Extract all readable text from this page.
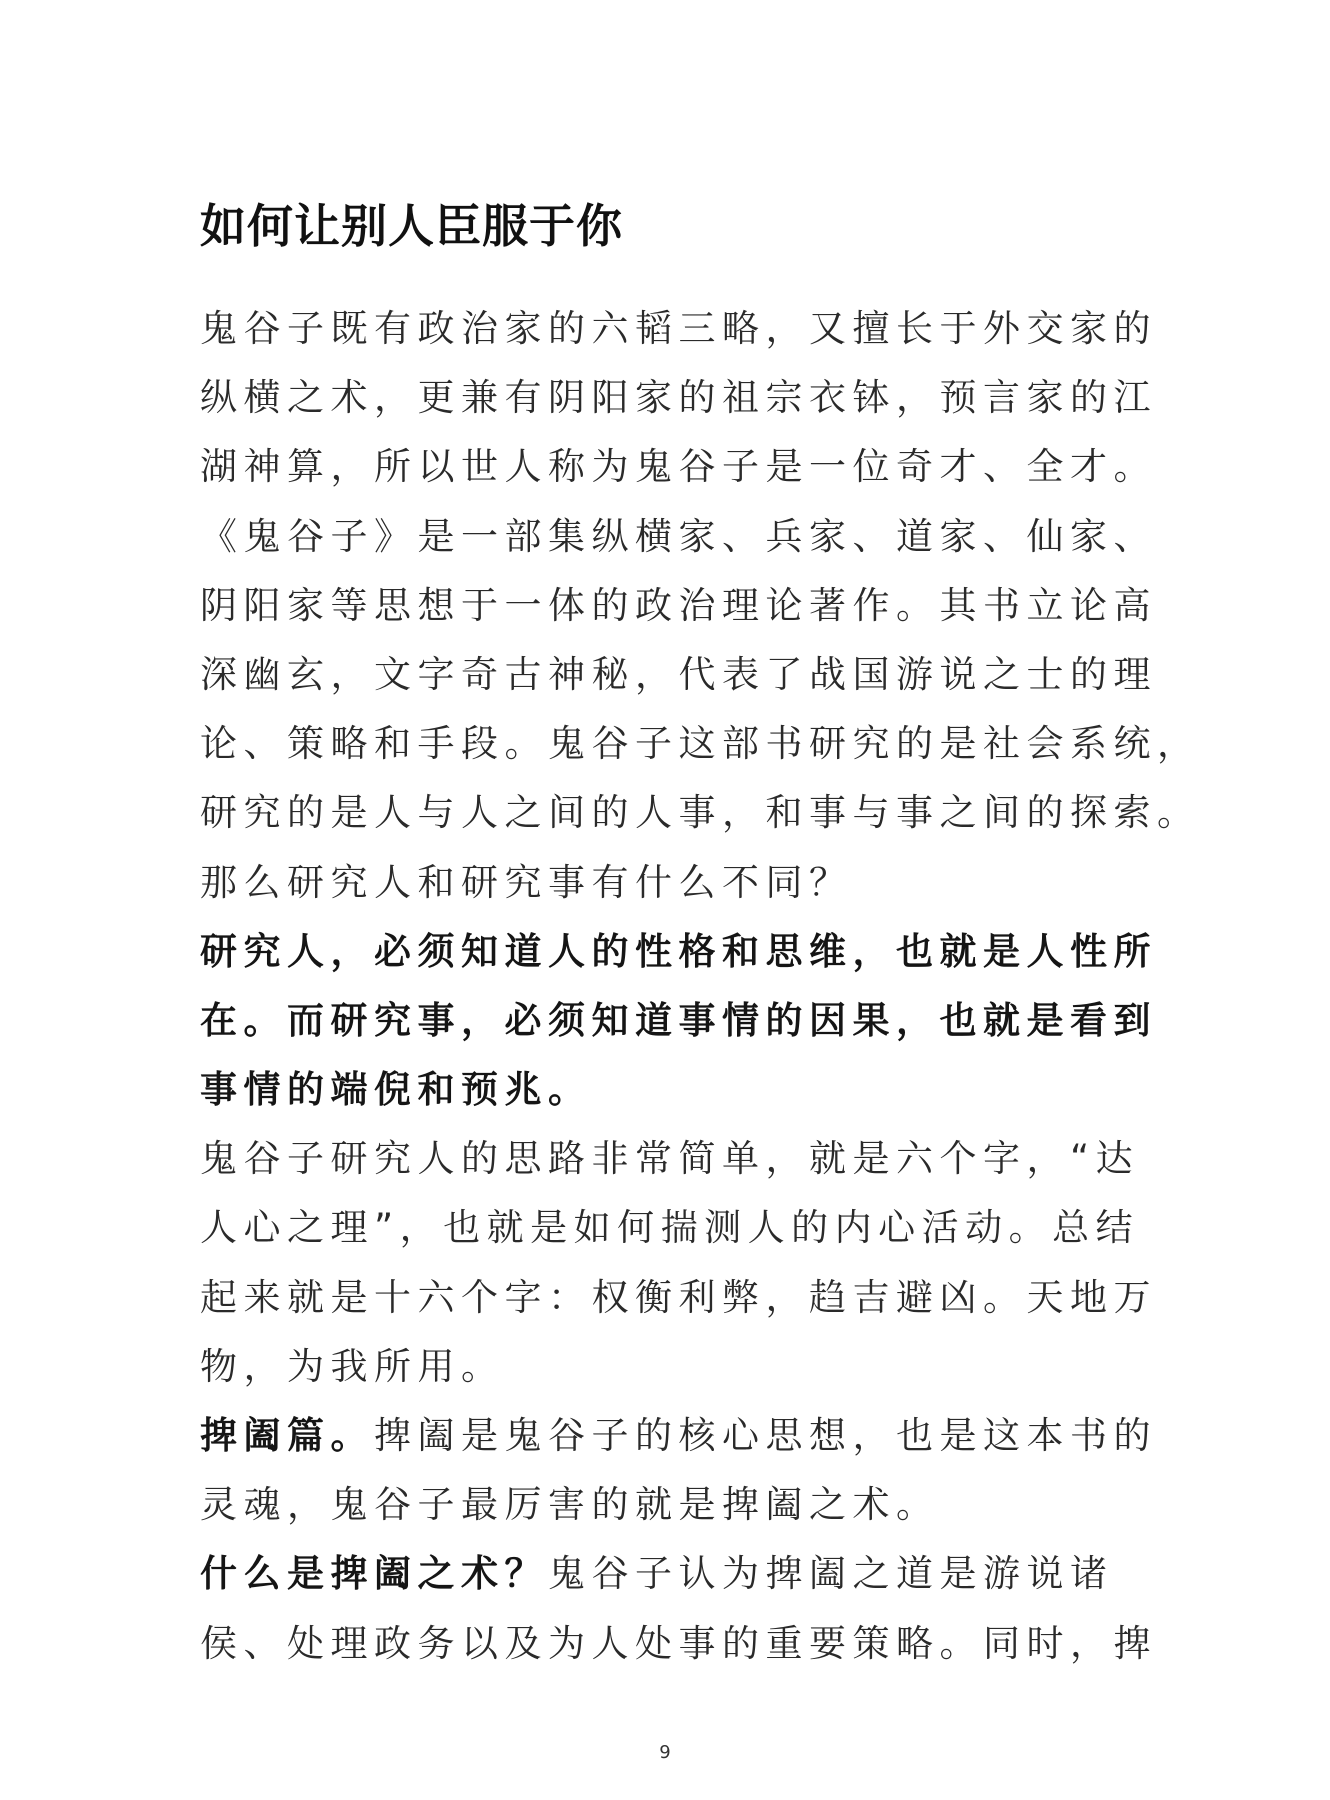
如何让别人臣服于你
鬼谷子既有政治家的六韬三略，又擅长于外交家的
纵横之术，更兼有阴阳家的祖宗衣钵，预言家的江
湖神算，所以世人称为鬼谷子是一位奇才、全才。
《鬼谷子》是一部集纵横家、兵家、道家、仙家、
阴阳家等思想于一体的政治理论著作。其书立论高
深幽玄，文字奇古神秘，代表了战国游说之士的理
论、策略和手段。鬼谷子这部书研究的是社会系统，
研究的是人与人之间的人事，和事与事之间的探索。
那么研究人和研究事有什么不同？
研究人，必须知道人的性格和思维，也就是人性所
在。而研究事，必须知道事情的因果，也就是看到
事情的端倪和预兆。
鬼谷子研究人的思路非常简单，就是六个字，“达
人心之理”，也就是如何揣测人的内心活动。总结
起来就是十六个字：权衡利弊，趋吉避凶。天地万
物，为我所用。
捭阖篇。捭阖是鬼谷子的核心思想，也是这本书的
灵魂，鬼谷子最厉害的就是捭阖之术。
什么是捭阖之术？鬼谷子认为捭阖之道是游说诸
侯、处理政务以及为人处事的重要策略。同时，捭
9
